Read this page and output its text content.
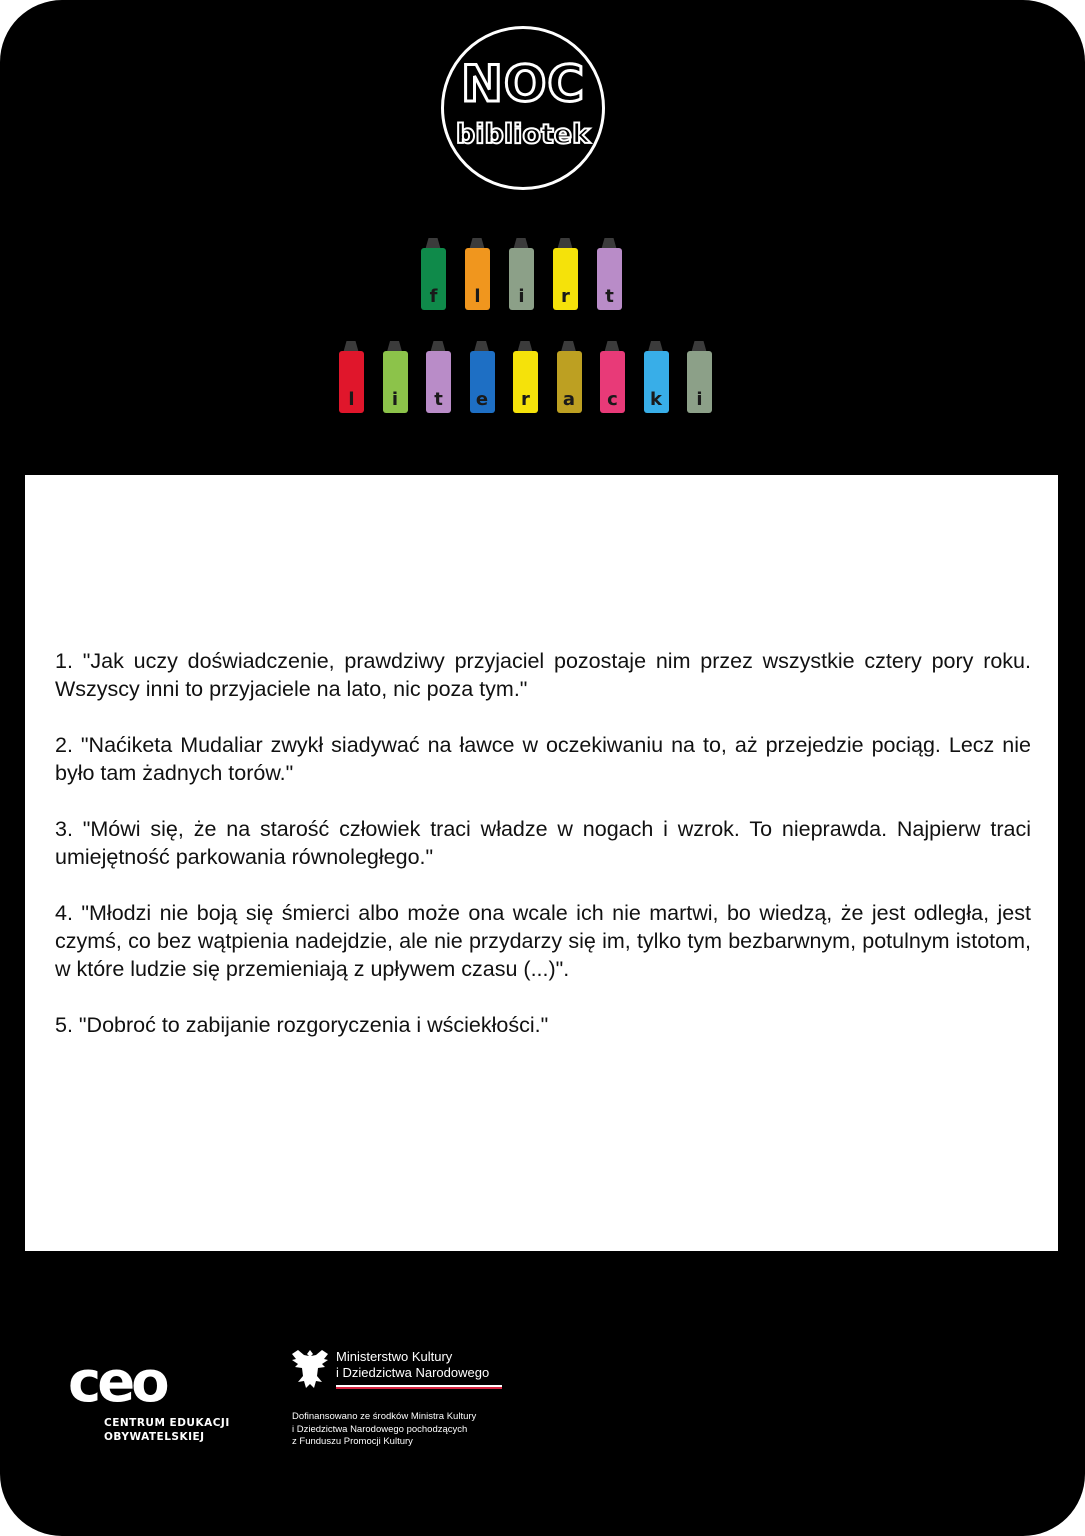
NOC
bibliotek
f	l	i	r	t
l	i	t	e	r	a	c	k	i

1. "Jak uczy doświadczenie, prawdziwy przyjaciel pozostaje nim przez wszystkie cztery pory roku. Wszyscy inni to przyjaciele na lato, nic poza tym."

2. "Naćiketa Mudaliar zwykł siadywać na ławce w oczekiwaniu na to, aż przejedzie pociąg. Lecz nie było tam żadnych torów."

3. "Mówi się, że na starość człowiek traci władze w nogach i wzrok. To nieprawda. Najpierw traci umiejętność parkowania równoległego."

4. "Młodzi nie boją się śmierci albo może ona wcale ich nie martwi, bo wiedzą, że jest odległa, jest czymś, co bez wątpienia nadejdzie, ale nie przydarzy się im, tylko tym bezbarwnym, potulnym istotom, w które ludzie się przemieniają z upływem czasu (...)".

5. "Dobroć to zabijanie rozgoryczenia i wściekłości."

ceo
CENTRUM EDUKACJI
OBYWATELSKIEJ
Ministerstwo Kultury
i Dziedzictwa Narodowego
Dofinansowano ze środków Ministra Kultury
i Dziedzictwa Narodowego pochodzących
z Funduszu Promocji Kultury
